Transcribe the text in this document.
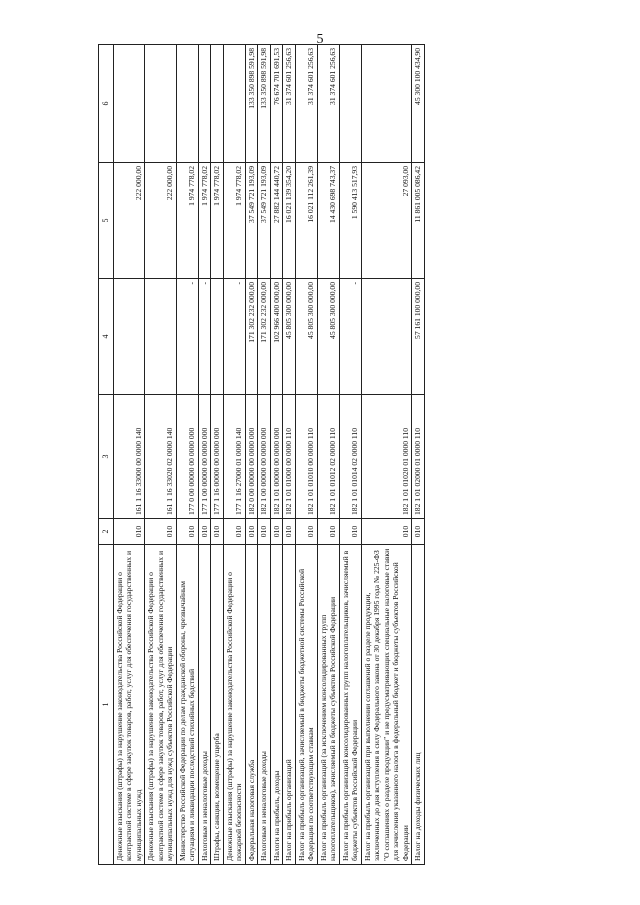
5
1	2	3	4	5	6
Денежные взыскания (штрафы) за нарушение законодательства Российской Федерации о контрактной системе в сфере закупок товаров, работ, услуг для обеспечения государственных и муниципальных нужд	010	161 1 16 33000 00 0000 140		222 000,00	
Денежные взыскания (штрафы) за нарушение законодательства Российской Федерации о контрактной системе в сфере закупок товаров, работ, услуг для обеспечения государственных и муниципальных нужд для нужд субъектов Российской Федерации	010	161 1 16 33020 02 0000 140		222 000,00	
Министерство Российской Федерации по делам гражданской обороны, чрезвычайным ситуациям и ликвидации последствий стихийных бедствий	010	177 0 00 00000 00 0000 000	-	1 974 778,02	
Налоговые и неналоговые доходы	010	177 1 00 00000 00 0000 000	-	1 974 778,02	
Штрафы, санкции, возмещение ущерба	010	177 1 16 00000 00 0000 000		1 974 778,02	
Денежные взыскания (штрафы) за нарушение законодательства Российской Федерации о пожарной безопасности	010	177 1 16 27000 01 0000 140	-	1 974 778,02	
Федеральная налоговая служба	010	182 0 00 00000 00 0000 000	171 302 232 000,00	37 549 721 193,09	133 350 898 591,98
Налоговые и неналоговые доходы	010	182 1 00 00000 00 0000 000	171 302 232 000,00	37 549 721 193,09	133 350 898 591,98
Налоги на прибыль, доходы	010	182 1 01 00000 00 0000 000	102 966 400 000,00	27 882 144 440,72	76 674 701 691,53
Налог на прибыль организаций	010	182 1 01 01000 00 0000 110	45 805 300 000,00	16 021 139 354,20	31 374 601 256,63
Налог на прибыль организаций, зачисляемый в бюджеты бюджетной системы Российской Федерации по соответствующим ставкам	010	182 1 01 01010 00 0000 110	45 805 300 000,00	16 021 112 261,39	31 374 601 256,63
Налог на прибыль организаций (за исключением консолидированных групп налогоплательщиков), зачисляемый в бюджеты субъектов Российской Федерации	010	182 1 01 01012 02 0000 110	45 805 300 000,00	14 430 698 743,37	31 374 601 256,63
Налог на прибыль организаций консолидированных групп налогоплательщиков, зачисляемый в бюджеты субъектов Российской Федерации	010	182 1 01 01014 02 0000 110	-	1 590 413 517,93	
Налог на прибыль организаций при выполнении соглашений о разделе продукции, заключенных до дня вступления в силу Федерального закона от 30 декабря 1995 года № 225-ФЗ "О соглашениях о разделе продукции" и не предусматривающих специальные налоговые ставки для зачисления указанного налога в федеральный бюджет и бюджеты субъектов Российской Федерации	010	182 1 01 01020 01 0000 110		27 093,00	
Налог на доходы физических лиц	010	182 1 01 02000 01 0000 110	57 161 100 000,00	11 861 005 086,42	45 300 100 434,90
